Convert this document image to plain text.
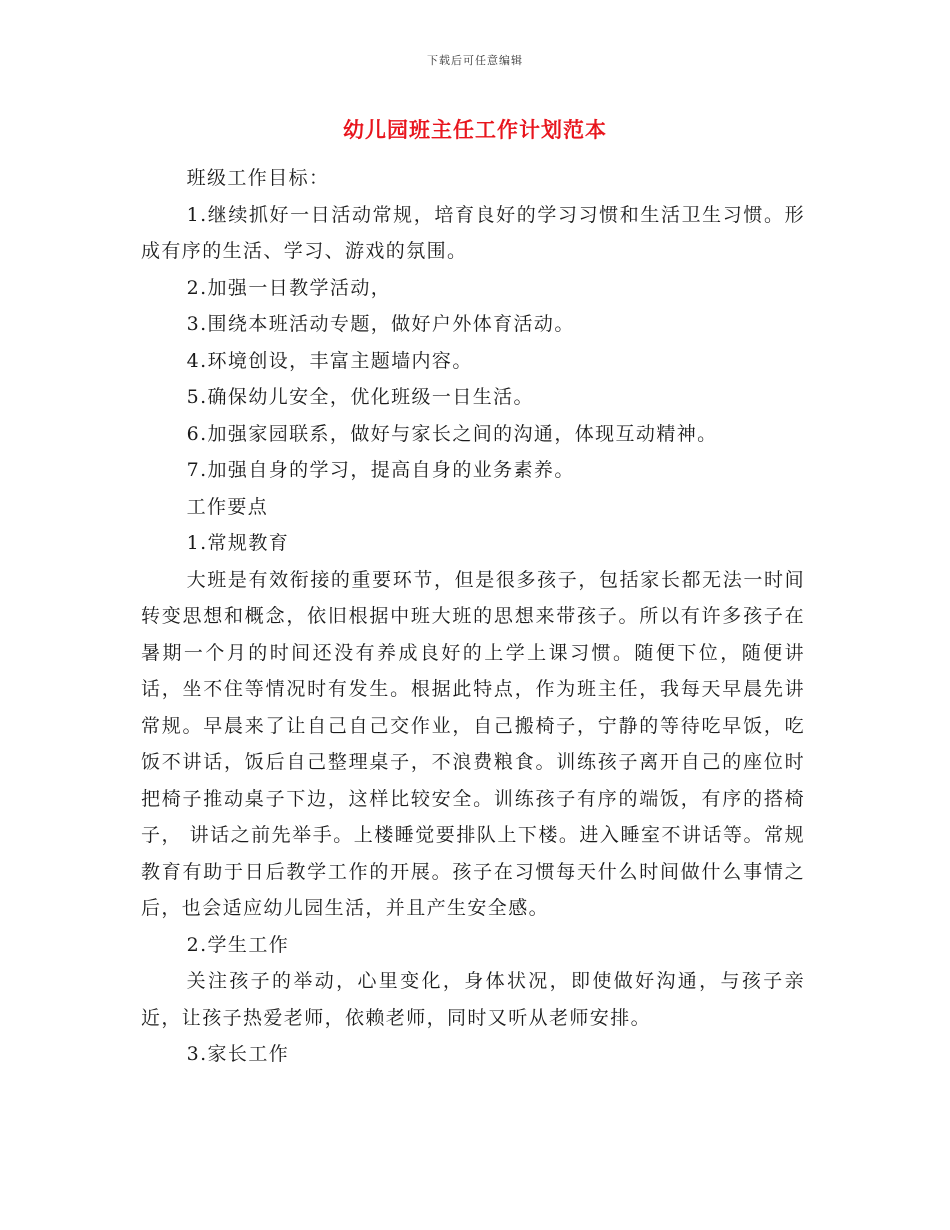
下载后可任意编辑
幼儿园班主任工作计划范本

班级工作目标：

1.继续抓好一日活动常规，培育良好的学习习惯和生活卫生习惯。形成有序的生活、学习、游戏的氛围。

2.加强一日教学活动，

3.围绕本班活动专题，做好户外体育活动。

4.环境创设，丰富主题墙内容。

5.确保幼儿安全，优化班级一日生活。

6.加强家园联系，做好与家长之间的沟通，体现互动精神。

7.加强自身的学习，提高自身的业务素养。

工作要点

1.常规教育

大班是有效衔接的重要环节，但是很多孩子，包括家长都无法一时间转变思想和概念，依旧根据中班大班的思想来带孩子。所以有许多孩子在暑期一个月的时间还没有养成良好的上学上课习惯。随便下位，随便讲话，坐不住等情况时有发生。根据此特点，作为班主任，我每天早晨先讲常规。早晨来了让自己自己交作业，自己搬椅子，宁静的等待吃早饭，吃饭不讲话，饭后自己整理桌子，不浪费粮食。训练孩子离开自己的座位时把椅子推动桌子下边，这样比较安全。训练孩子有序的端饭，有序的搭椅子， 讲话之前先举手。上楼睡觉要排队上下楼。进入睡室不讲话等。常规教育有助于日后教学工作的开展。孩子在习惯每天什么时间做什么事情之后，也会适应幼儿园生活，并且产生安全感。

2.学生工作

关注孩子的举动，心里变化，身体状况，即使做好沟通，与孩子亲近，让孩子热爱老师，依赖老师，同时又听从老师安排。

3.家长工作
